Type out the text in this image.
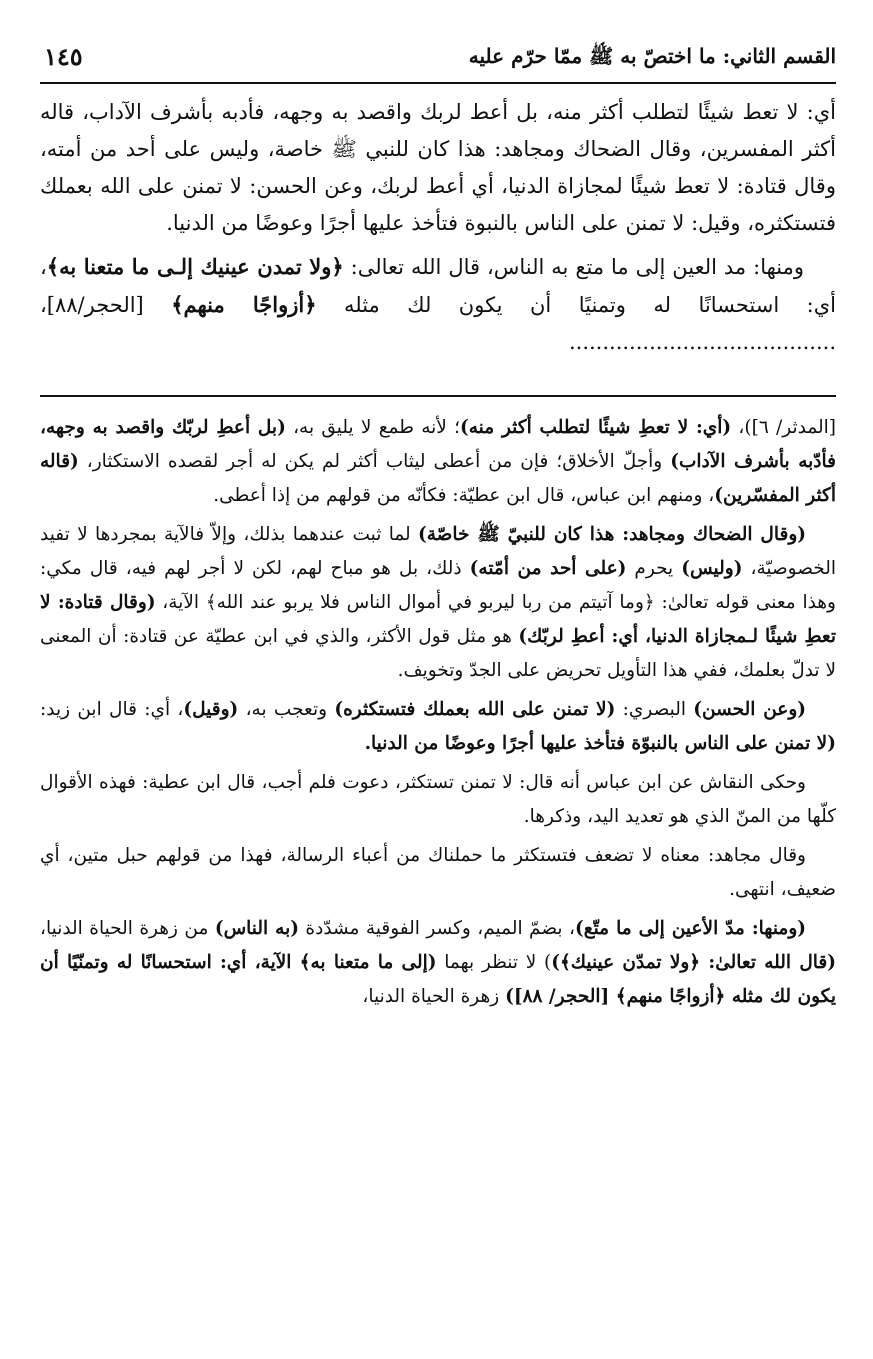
القسم الثاني: ما اختصّ به ﷺ ممّا حرّم عليه
١٤٥

أي: لا تعط شيئًا لتطلب أكثر منه، بل أعط لربك واقصد به وجهه، فأدبه بأشرف الآداب، قاله أكثر المفسرين، وقال الضحاك ومجاهد: هذا كان للنبي ﷺ خاصة، وليس على أحد من أمته، وقال قتادة: لا تعط شيئًا لمجازاة الدنيا، أي أعط لربك، وعن الحسن: لا تمنن على الله بعملك فتستكثره، وقيل: لا تمنن على الناس بالنبوة فتأخذ عليها أجرًا وعوضًا من الدنيا.

ومنها: مد العين إلى ما متع به الناس، قال الله تعالى: ﴿ولا تمدن عينيك إلـى ما متعنا به﴾، أي: استحسانًا له وتمنيًا أن يكون لك مثله ﴿أزواجًا منهم﴾ [الحجر/٨٨]، ........................................

[المدثر/ ٦])، (أي: لا تعطِ شيئًا لتطلب أكثر منه)؛ لأنه طمع لا يليق به، (بل أعطِ لربّك واقصد به وجهه، فأدّبه بأشرف الآداب) وأجلّ الأخلاق؛ فإن من أعطى ليثاب أكثر لم يكن له أجر لقصده الاستكثار، (قاله أكثر المفسّرين)، ومنهم ابن عباس، قال ابن عطيّة: فكأنّه من قولهم من إذا أعطى.

(وقال الضحاك ومجاهد: هذا كان للنبيّ ﷺ خاصّة) لما ثبت عندهما بذلك، وإلاّ فالآية بمجردها لا تفيد الخصوصيّة، (وليس) يحرم (على أحد من أمّته) ذلك، بل هو مباح لهم، لكن لا أجر لهم فيه، قال مكي: وهذا معنى قوله تعالىٰ: ﴿وما آتيتم من ربا ليربو في أموال الناس فلا يربو عند الله﴾ الآية، (وقال قتادة: لا تعطِ شيئًا لـمجازاة الدنيا، أي: أعطِ لربّك) هو مثل قول الأكثر، والذي في ابن عطيّة عن قتادة: أن المعنى لا تدلّ بعلمك، ففي هذا التأويل تحريض على الجدّ وتخويف.

(وعن الحسن) البصري: (لا تمنن على الله بعملك فتستكثره) وتعجب به، (وقيل)، أي: قال ابن زيد: (لا تمنن على الناس بالنبوّة فتأخذ عليها أجرًا وعوضًا من الدنيا.

وحكى النقاش عن ابن عباس أنه قال: لا تمنن تستكثر، دعوت فلم أجب، قال ابن عطية: فهذه الأقوال كلّها من المنّ الذي هو تعديد اليد، وذكرها.

وقال مجاهد: معناه لا تضعف فتستكثر ما حملناك من أعباء الرسالة، فهذا من قولهم حبل متين، أي ضعيف، انتهى.

(ومنها: مدّ الأعين إلى ما متّع)، بضمّ الميم، وكسر الفوقية مشدّدة (به الناس) من زهرة الحياة الدنيا، (قال الله تعالىٰ: ﴿ولا تمدّن عينيك﴾)) لا تنظر بهما (إلى ما متعنا به﴾ الآية، أي: استحسانًا له وتمنّيًا أن يكون لك مثله ﴿أزواجًا منهم﴾ [الحجر/ ٨٨]) زهرة الحياة الدنيا،
